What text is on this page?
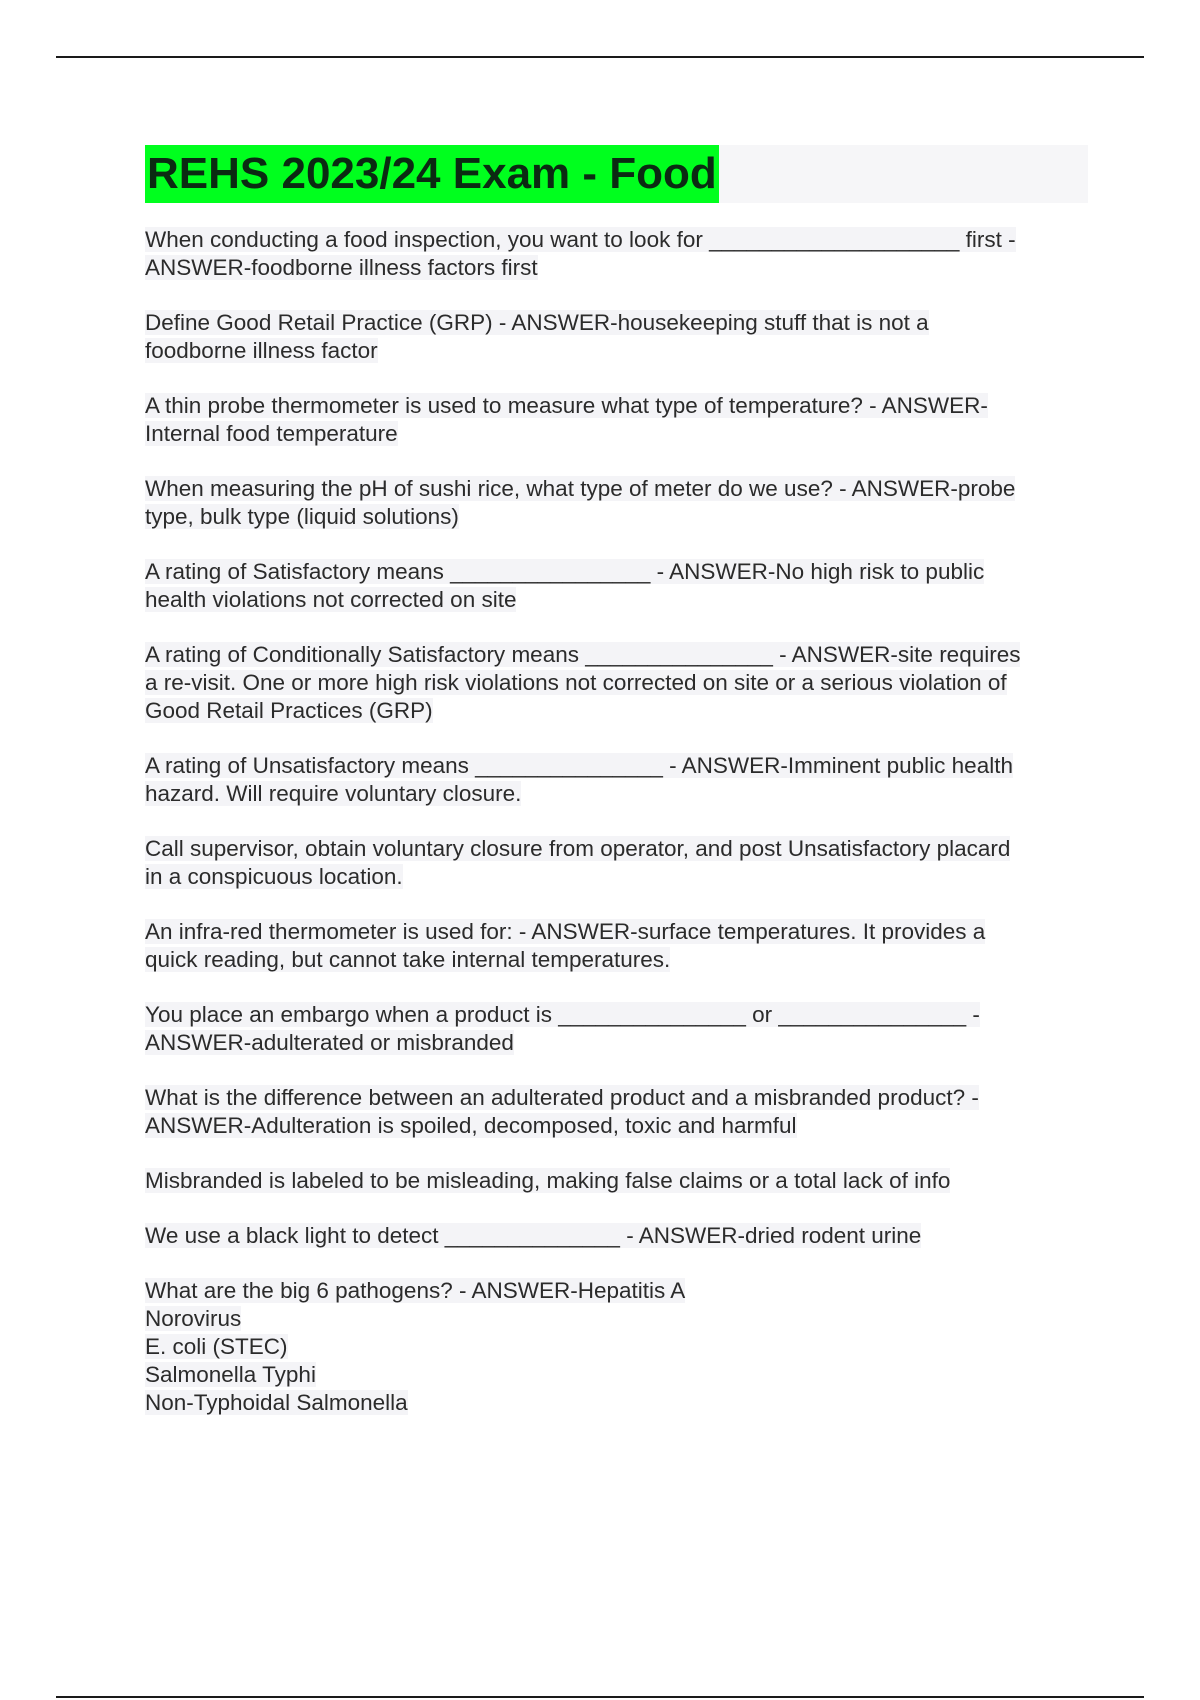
REHS 2023/24 Exam - Food

When conducting a food inspection, you want to look for ____________________ first -
ANSWER-foodborne illness factors first

Define Good Retail Practice (GRP) - ANSWER-housekeeping stuff that is not a
foodborne illness factor

A thin probe thermometer is used to measure what type of temperature? - ANSWER-
Internal food temperature

When measuring the pH of sushi rice, what type of meter do we use? - ANSWER-probe
type, bulk type (liquid solutions)

A rating of Satisfactory means ________________ - ANSWER-No high risk to public
health violations not corrected on site

A rating of Conditionally Satisfactory means _______________ - ANSWER-site requires
a re-visit. One or more high risk violations not corrected on site or a serious violation of
Good Retail Practices (GRP)

A rating of Unsatisfactory means _______________ - ANSWER-Imminent public health
hazard. Will require voluntary closure.

Call supervisor, obtain voluntary closure from operator, and post Unsatisfactory placard
in a conspicuous location.

An infra-red thermometer is used for: - ANSWER-surface temperatures. It provides a
quick reading, but cannot take internal temperatures.

You place an embargo when a product is _______________ or _______________ -
ANSWER-adulterated or misbranded

What is the difference between an adulterated product and a misbranded product? -
ANSWER-Adulteration is spoiled, decomposed, toxic and harmful

Misbranded is labeled to be misleading, making false claims or a total lack of info

We use a black light to detect ______________ - ANSWER-dried rodent urine

What are the big 6 pathogens? - ANSWER-Hepatitis A
Norovirus
E. coli (STEC)
Salmonella Typhi
Non-Typhoidal Salmonella
